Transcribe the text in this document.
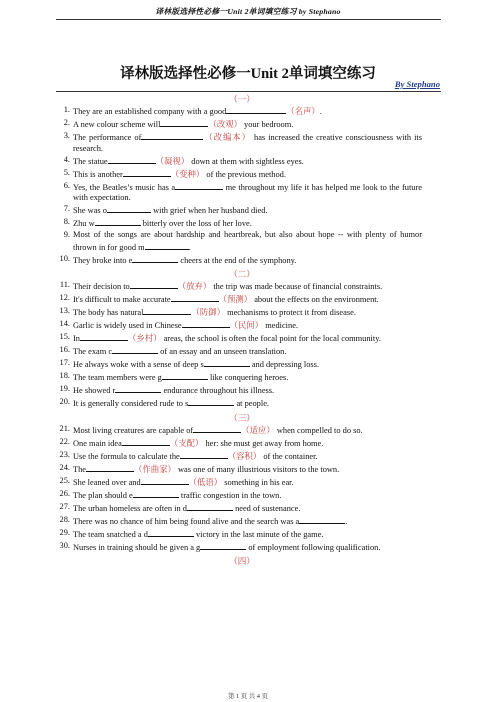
译林版选择性必修一Unit 2单词填空练习 by Stephano
译林版选择性必修一Unit 2单词填空练习
By Stephano
（一）
1. They are an established company with a good	（名声）.
2. A new colour scheme will	（改观） your bedroom.
3. The performance of	（改编本） has increased the creative consciousness with its research.
4. The statue	（凝视） down at them with sightless eyes.
5. This is another	（变种） of the previous method.
6. Yes, the Beatles’s music has a	me throughout my life it has helped me look to the future with expectation.
7. She was o	with grief when her husband died.
8. Zhu w	bitterly over the loss of her love.
9. Most of the songs are about hardship and heartbreak, but also about hope -- with plenty of humor thrown in for good m	.
10. They broke into e	cheers at the end of the symphony.
（二）
11. Their decision to	（放弃） the trip was made because of financial constraints.
12. It's difficult to make accurate	（预测） about the effects on the environment.
13. The body has natural	（防御） mechanisms to protect it from disease.
14. Garlic is widely used in Chinese	（民间） medicine.
15. In	（乡村） areas, the school is often the focal point for the local community.
16. The exam c	of an essay and an unseen translation.
17. He always woke with a sense of deep s	and depressing loss.
18. The team members were g	like conquering heroes.
19. He showed r	endurance throughout his illness.
20. It is generally considered rude to s	at people.
（三）
21. Most living creatures are capable of	（适应） when compelled to do so.
22. One main idea	（支配） her: she must get away from home.
23. Use the formula to calculate the	（容积） of the container.
24. The	（作曲家） was one of many illustrious visitors to the town.
25. She leaned over and	（低语） something in his ear.
26. The plan should e	traffic congestion in the town.
27. The urban homeless are often in d	need of sustenance.
28. There was no chance of him being found alive and the search was a	.
29. The team snatched a d	victory in the last minute of the game.
30. Nurses in training should be given a g	of employment following qualification.
（四）
第 1 页 共 4 页
